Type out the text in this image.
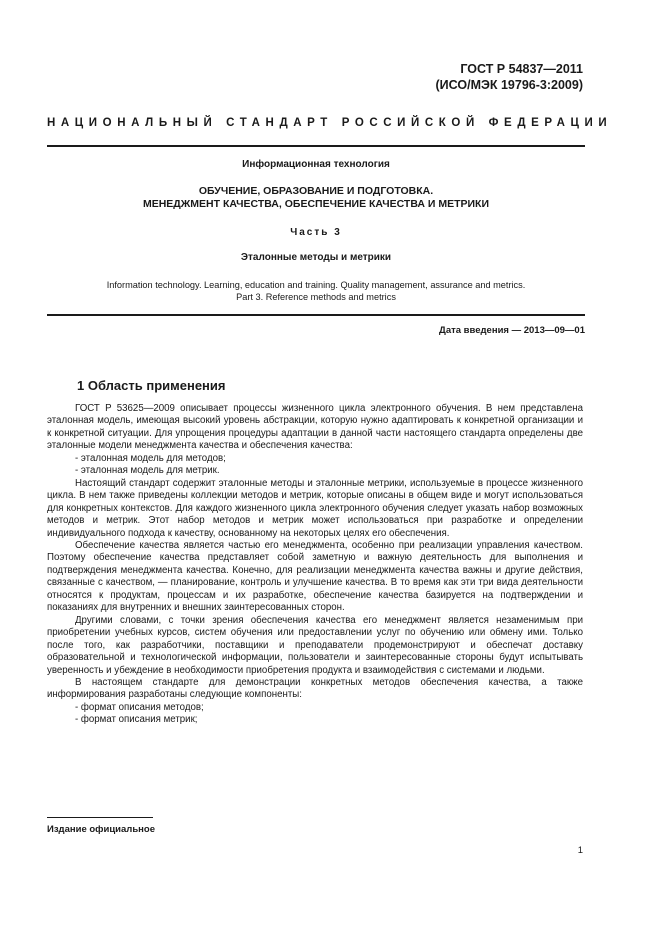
ГОСТ Р 54837—2011
(ИСО/МЭК 19796-3:2009)
НАЦИОНАЛЬНЫЙ СТАНДАРТ РОССИЙСКОЙ ФЕДЕРАЦИИ
Информационная технология
ОБУЧЕНИЕ, ОБРАЗОВАНИЕ И ПОДГОТОВКА.
МЕНЕДЖМЕНТ КАЧЕСТВА, ОБЕСПЕЧЕНИЕ КАЧЕСТВА И МЕТРИКИ
Часть 3
Эталонные методы и метрики
Information technology. Learning, education and training. Quality management, assurance and metrics.
Part 3. Reference methods and metrics
Дата введения — 2013—09—01
1 Область применения

ГОСТ Р 53625—2009 описывает процессы жизненного цикла электронного обучения. В нем представлена эталонная модель, имеющая высокий уровень абстракции, которую нужно адаптировать к конкретной организации и к конкретной ситуации. Для упрощения процедуры адаптации в данной части настоящего стандарта определены две эталонные модели менеджмента качества и обеспечения качества:

- эталонная модель для методов;

- эталонная модель для метрик.

Настоящий стандарт содержит эталонные методы и эталонные метрики, используемые в процессе жизненного цикла. В нем также приведены коллекции методов и метрик, которые описаны в общем виде и могут использоваться для конкретных контекстов. Для каждого жизненного цикла электронного обучения следует указать набор возможных методов и метрик. Этот набор методов и метрик может использоваться при разработке и определении индивидуального подхода к качеству, основанному на некоторых целях его обеспечения.

Обеспечение качества является частью его менеджмента, особенно при реализации управления качеством. Поэтому обеспечение качества представляет собой заметную и важную деятельность для выполнения и подтверждения менеджмента качества. Конечно, для реализации менеджмента качества важны и другие действия, связанные с качеством, — планирование, контроль и улучшение качества. В то время как эти три вида деятельности относятся к продуктам, процессам и их разработке, обеспечение качества базируется на подтверждении и показаниях для внутренних и внешних заинтересованных сторон.

Другими словами, с точки зрения обеспечения качества его менеджмент является незаменимым при приобретении учебных курсов, систем обучения или предоставлении услуг по обучению или обмену ими. Только после того, как разработчики, поставщики и преподаватели продемонстрируют и обеспечат доставку образовательной и технологической информации, пользователи и заинтересованные стороны будут испытывать уверенность и убеждение в необходимости приобретения продукта и взаимодействия с системами и людьми.

В настоящем стандарте для демонстрации конкретных методов обеспечения качества, а также информирования разработаны следующие компоненты:

- формат описания методов;

- формат описания метрик;

Издание официальное
1
